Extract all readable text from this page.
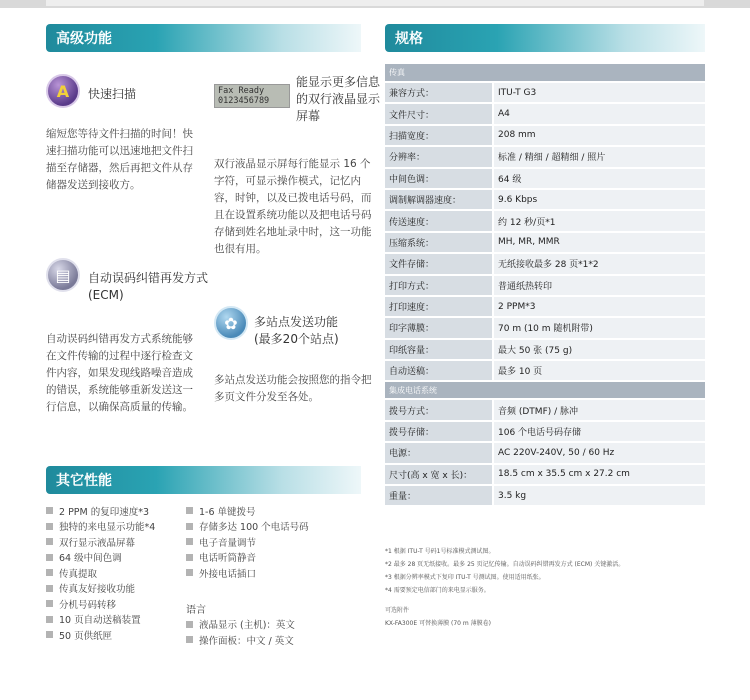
高级功能
A	快速扫描
缩短您等待文件扫描的时间！快
速扫描功能可以迅速地把文件扫
描至存储器，然后再把文件从存
储器发送到接收方。
Fax Ready
0123456789
能显示更多信息
的双行液晶显示
屏幕
双行液晶显示屏每行能显示 16 个
字符，可显示操作模式，记忆内
容，时钟，以及已拨电话号码，而
且在设置系统功能以及把电话号码
存储到姓名地址录中时，这一功能
也很有用。
▤	自动误码纠错再发方式
(ECM)
自动误码纠错再发方式系统能够
在文件传输的过程中逐行检查文
件内容，如果发现线路噪音造成
的错误，系统能够重新发送这一
行信息，以确保高质量的传输。
✿	多站点发送功能
(最多20个站点)
多站点发送功能会按照您的指令把
多页文件分发至各处。
其它性能
2 PPM 的复印速度*3
独特的来电显示功能*4
双行显示液晶屏幕
64 级中间色调
传真提取
传真友好接收功能
分机号码转移
10 页自动送稿装置
50 页供纸匣
1-6 单键拨号
存储多达 100 个电话号码
电子音量调节
电话听筒静音
外接电话插口
语言
液晶显示 (主机)：英文
操作面板：中文 / 英文
规格
传真	
兼容方式：	ITU-T G3
文件尺寸：	A4
扫描宽度：	208 mm
分辨率：	标准 / 精细 / 超精细 / 照片
中间色调：	64 级
调制解调器速度：	9.6 Kbps
传送速度：	约 12 秒/页*1
压缩系统：	MH, MR, MMR
文件存储：	无纸接收最多 28 页*1*2
打印方式：	普通纸热转印
打印速度：	2 PPM*3
印字薄膜：	70 m (10 m 随机附带)
印纸容量：	最大 50 张 (75 g)
自动送稿：	最多 10 页
集成电话系统	
拨号方式：	音频 (DTMF) / 脉冲
拨号存储：	106 个电话号码存储
电源：	AC 220V-240V, 50 / 60 Hz
尺寸(高 x 宽 x 长)：	18.5 cm x 35.5 cm x 27.2 cm
重量：	3.5 kg
*1 根据 ITU-T 号码1号标准模式测试图。
*2 最多 28 页无纸接收。最多 25 页记忆传输。自动误码纠错再发方式 (ECM) 关键激活。
*3 根据分辨率模式下复印 ITU-T 号测试图。使用适用纸张。
*4 需要预定电信部门的来电显示服务。
可选附件
KX-FA300E 可替换薄膜 (70 m 薄膜卷)
